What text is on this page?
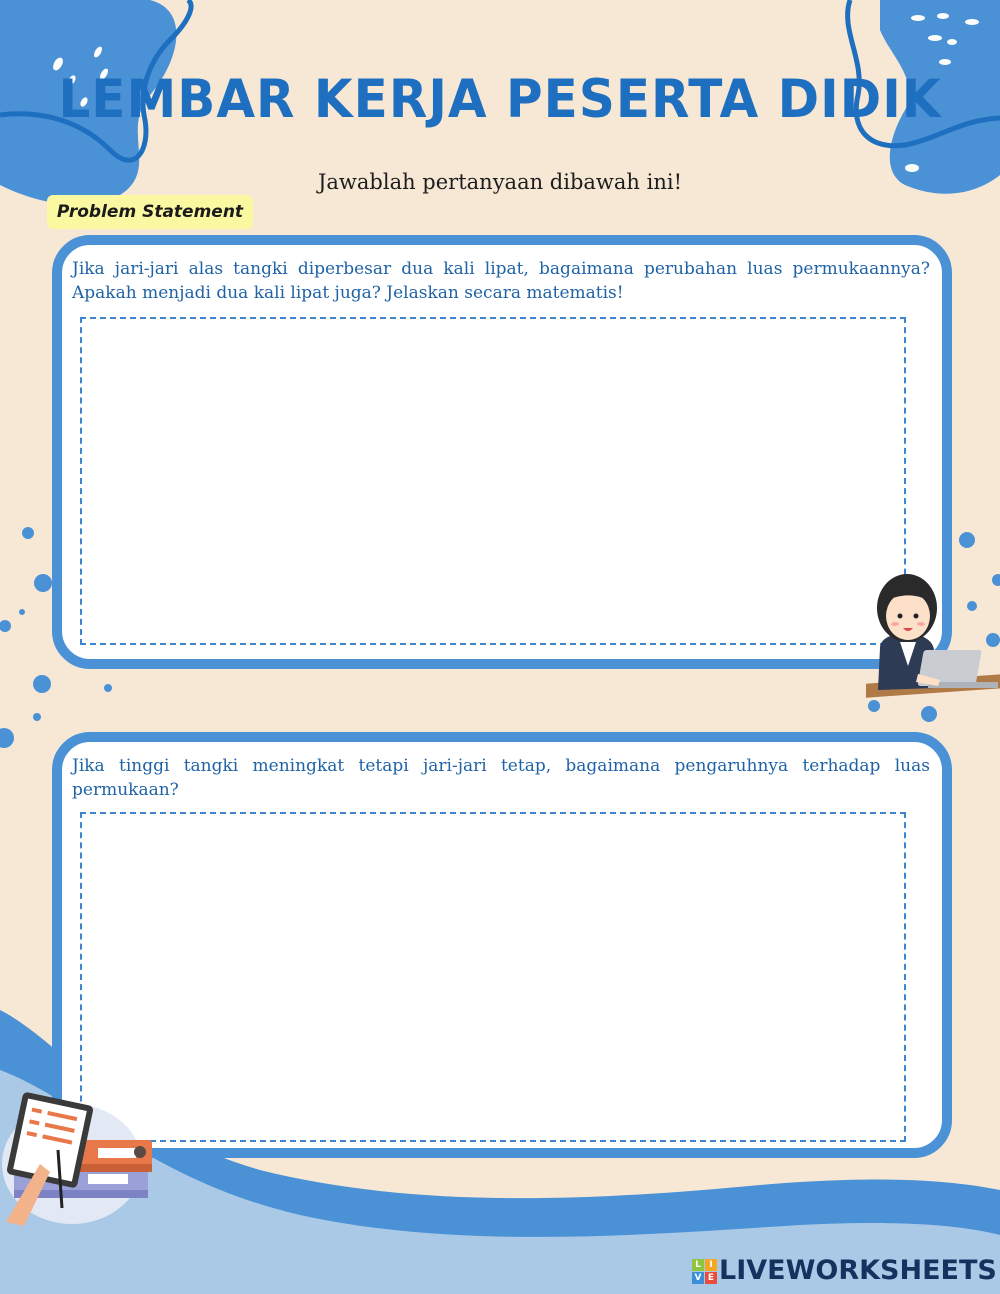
LEMBAR KERJA PESERTA DIDIK
Jawablah pertanyaan dibawah ini!
Problem Statement
Jika jari-jari alas tangki diperbesar dua kali lipat, bagaimana perubahan luas permukaannya? Apakah menjadi dua kali lipat juga? Jelaskan secara matematis!
Jika tinggi tangki meningkat tetapi jari-jari tetap, bagaimana pengaruhnya terhadap luas permukaan?
L I
V E LIVEWORKSHEETS
